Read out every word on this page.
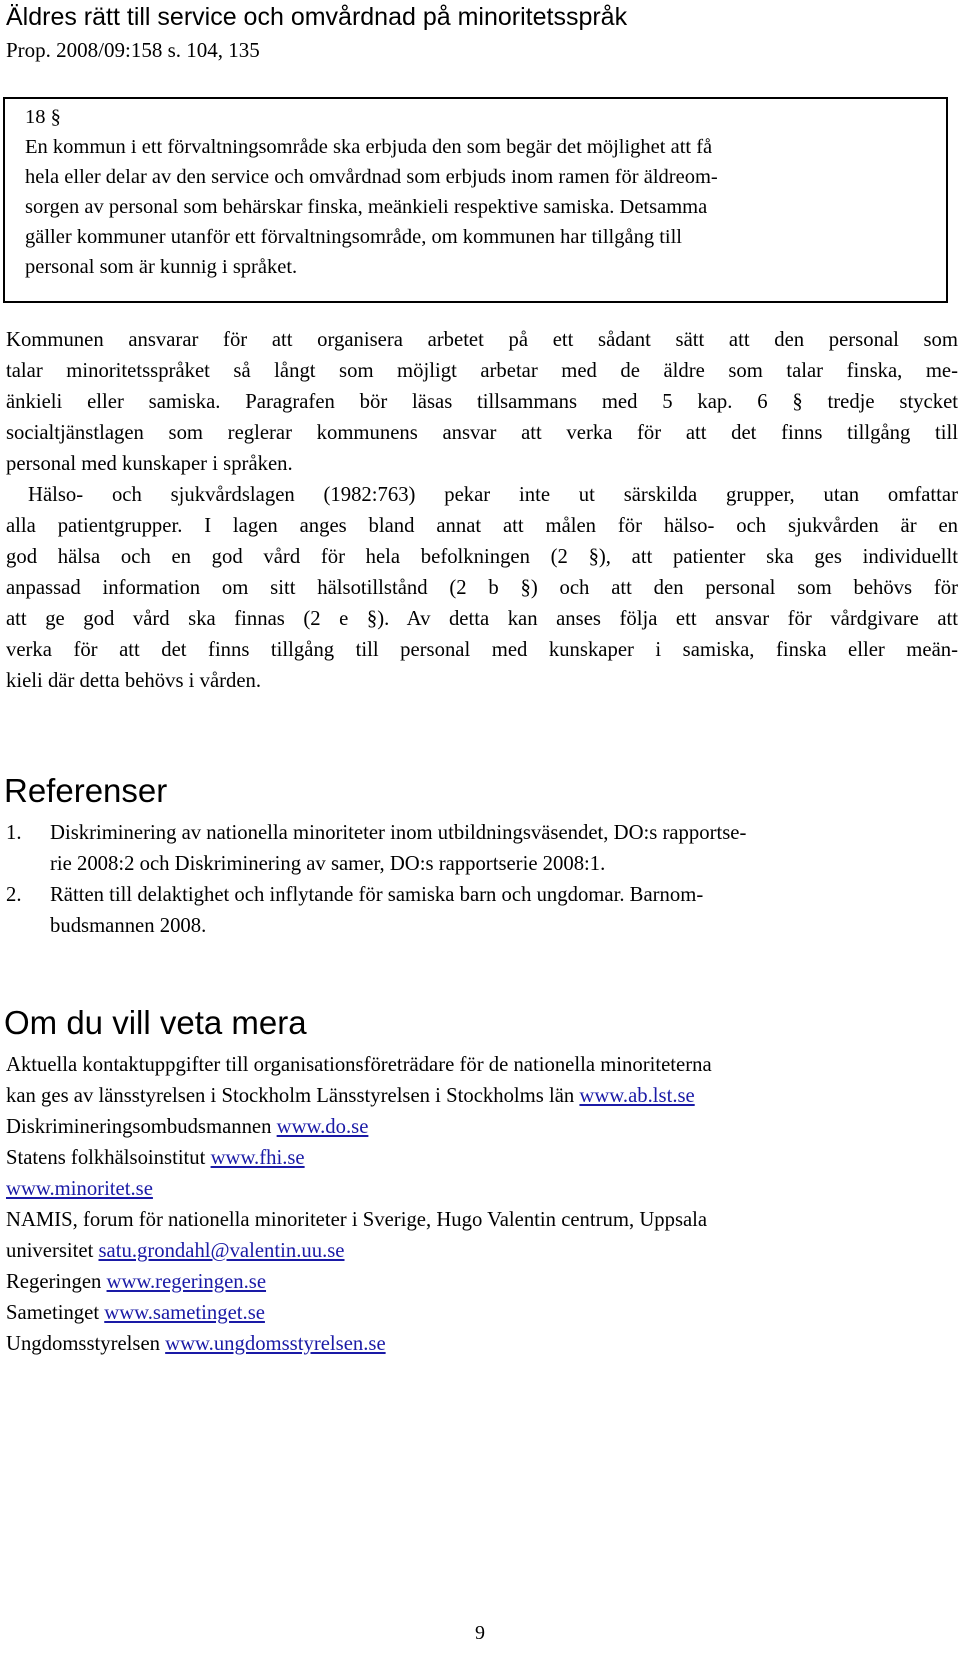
Äldres rätt till service och omvårdnad på minoritetsspråk
Prop. 2008/09:158 s. 104, 135

18 §

En kommun i ett förvaltningsområde ska erbjuda den som begär det möjlighet att få

hela eller delar av den service och omvårdnad som erbjuds inom ramen för äldreom-

sorgen av personal som behärskar finska, meänkieli respektive samiska. Detsamma

gäller kommuner utanför ett förvaltningsområde, om kommunen har tillgång till

personal som är kunnig i språket.

Kommunen ansvarar för att organisera arbetet på ett sådant sätt att den personal som
talar minoritetsspråket så långt som möjligt arbetar med de äldre som talar finska, me-
änkieli eller samiska. Paragrafen bör läsas tillsammans med 5 kap. 6 § tredje stycket
socialtjänstlagen som reglerar kommunens ansvar att verka för att det finns tillgång till
personal med kunskaper i språken.
Hälso- och sjukvårdslagen (1982:763) pekar inte ut särskilda grupper, utan omfattar
alla patientgrupper. I lagen anges bland annat att målen för hälso- och sjukvården är en
god hälsa och en god vård för hela befolkningen (2 §), att patienter ska ges individuellt
anpassad information om sitt hälsotillstånd (2 b §) och att den personal som behövs för
att ge god vård ska finnas (2 e §). Av detta kan anses följa ett ansvar för vårdgivare att
verka för att det finns tillgång till personal med kunskaper i samiska, finska eller meän-
kieli där detta behövs i vården.
Referenser
1. Diskriminering av nationella minoriteter inom utbildningsväsendet, DO:s rapportse-
rie 2008:2 och Diskriminering av samer, DO:s rapportserie 2008:1.
2. Rätten till delaktighet och inflytande för samiska barn och ungdomar. Barnom-
budsmannen 2008.
Om du vill veta mera
Aktuella kontaktuppgifter till organisationsföreträdare för de nationella minoriteterna
kan ges av länsstyrelsen i Stockholm Länsstyrelsen i Stockholms län www.ab.lst.se
Diskrimineringsombudsmannen www.do.se
Statens folkhälsoinstitut www.fhi.se
www.minoritet.se
NAMIS, forum för nationella minoriteter i Sverige, Hugo Valentin centrum, Uppsala
universitet satu.grondahl@valentin.uu.se
Regeringen www.regeringen.se
Sametinget www.sametinget.se
Ungdomsstyrelsen www.ungdomsstyrelsen.se
9
